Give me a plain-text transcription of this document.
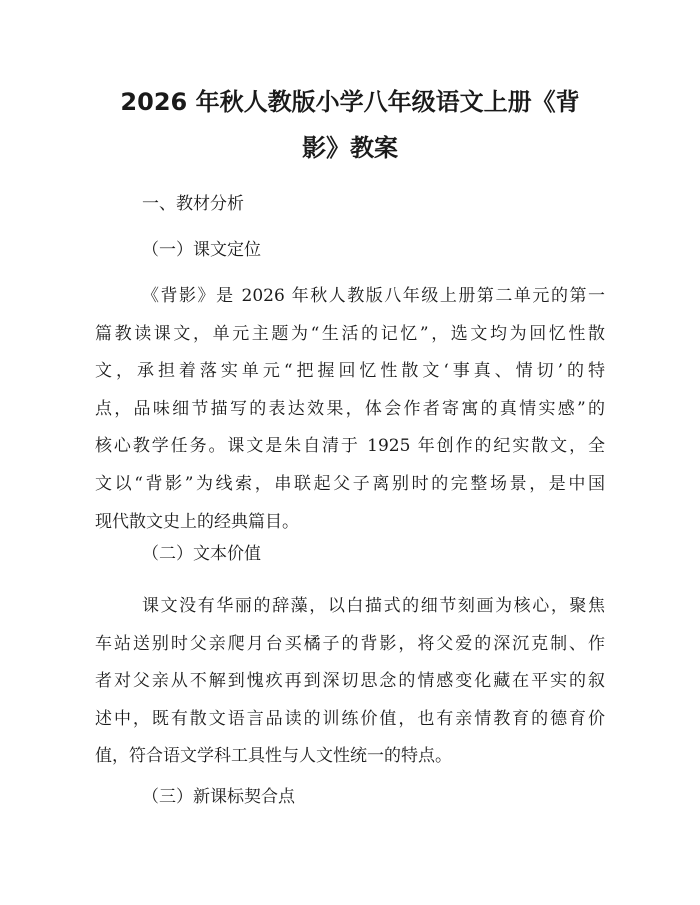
2026 年秋人教版小学八年级语文上册《背
影》教案

一、教材分析

（一）课文定位

《背影》是 2026 年秋人教版八年级上册第二单元的第一
篇教读课文，单元主题为“生活的记忆”，选文均为回忆性散
文，承担着落实单元“把握回忆性散文‘事真、情切’的特
点，品味细节描写的表达效果，体会作者寄寓的真情实感”的
核心教学任务。课文是朱自清于 1925 年创作的纪实散文，全
文以“背影”为线索，串联起父子离别时的完整场景，是中国
现代散文史上的经典篇目。

（二）文本价值

课文没有华丽的辞藻，以白描式的细节刻画为核心，聚焦
车站送别时父亲爬月台买橘子的背影，将父爱的深沉克制、作
者对父亲从不解到愧疚再到深切思念的情感变化藏在平实的叙
述中，既有散文语言品读的训练价值，也有亲情教育的德育价
值，符合语文学科工具性与人文性统一的特点。

（三）新课标契合点
